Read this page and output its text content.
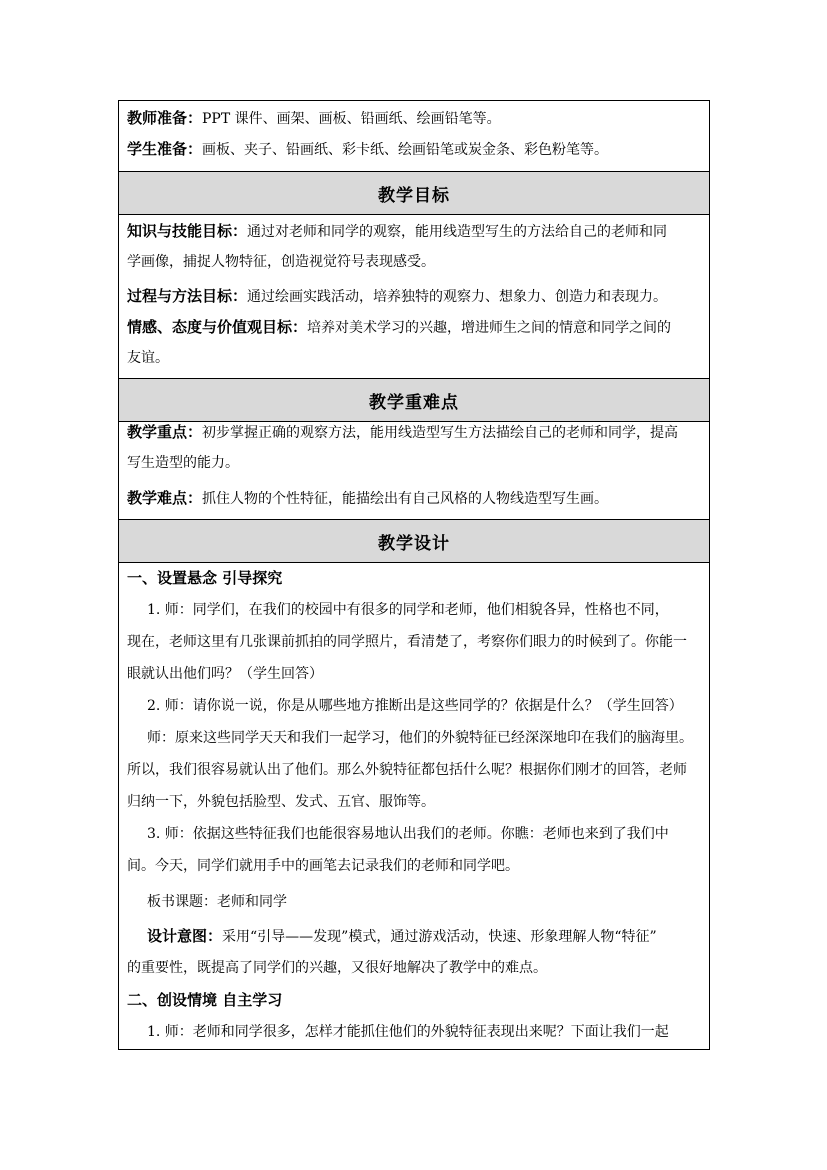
教师准备：PPT 课件、画架、画板、铅画纸、绘画铅笔等。
学生准备：画板、夹子、铅画纸、彩卡纸、绘画铅笔或炭金条、彩色粉笔等。
教学目标
知识与技能目标：通过对老师和同学的观察，能用线造型写生的方法给自己的老师和同
学画像，捕捉人物特征，创造视觉符号表现感受。
过程与方法目标：通过绘画实践活动，培养独特的观察力、想象力、创造力和表现力。
情感、态度与价值观目标：培养对美术学习的兴趣，增进师生之间的情意和同学之间的
友谊。
教学重难点
教学重点：初步掌握正确的观察方法，能用线造型写生方法描绘自己的老师和同学，提高
写生造型的能力。
教学难点：抓住人物的个性特征，能描绘出有自己风格的人物线造型写生画。
教学设计
一、设置悬念 引导探究
1. 师：同学们，在我们的校园中有很多的同学和老师，他们相貌各异，性格也不同，
现在，老师这里有几张课前抓拍的同学照片，看清楚了，考察你们眼力的时候到了。你能一
眼就认出他们吗？（学生回答）
2. 师：请你说一说，你是从哪些地方推断出是这些同学的？依据是什么？（学生回答）
师：原来这些同学天天和我们一起学习，他们的外貌特征已经深深地印在我们的脑海里。
所以，我们很容易就认出了他们。那么外貌特征都包括什么呢？根据你们刚才的回答，老师
归纳一下，外貌包括脸型、发式、五官、服饰等。
3. 师：依据这些特征我们也能很容易地认出我们的老师。你瞧：老师也来到了我们中
间。今天，同学们就用手中的画笔去记录我们的老师和同学吧。
板书课题：老师和同学
设计意图：采用“引导——发现”模式，通过游戏活动，快速、形象理解人物“特征”
的重要性，既提高了同学们的兴趣，又很好地解决了教学中的难点。
二、创设情境 自主学习
1. 师：老师和同学很多，怎样才能抓住他们的外貌特征表现出来呢？下面让我们一起
